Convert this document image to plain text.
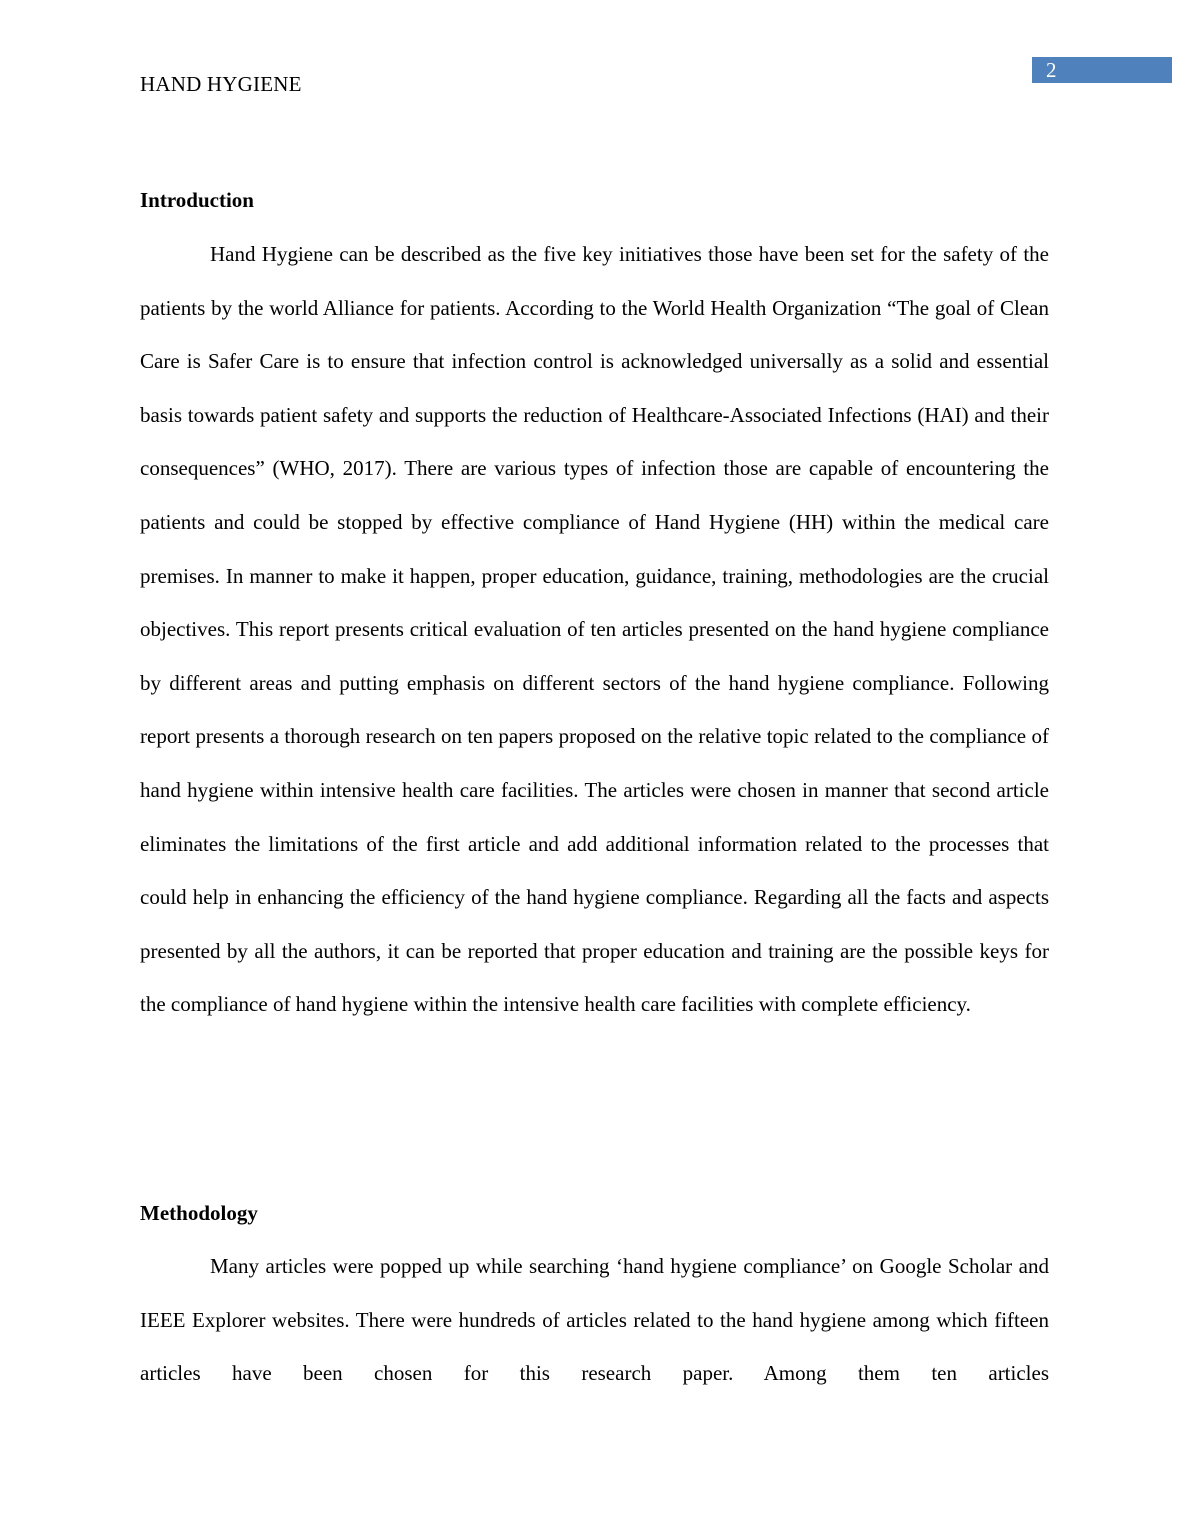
2
HAND HYGIENE
Introduction

Hand Hygiene can be described as the five key initiatives those have been set for the safety of the patients by the world Alliance for patients. According to the World Health Organization “The goal of Clean Care is Safer Care is to ensure that infection control is acknowledged universally as a solid and essential basis towards patient safety and supports the reduction of Healthcare-Associated Infections (HAI) and their consequences” (WHO, 2017). There are various types of infection those are capable of encountering the patients and could be stopped by effective compliance of Hand Hygiene (HH) within the medical care premises. In manner to make it happen, proper education, guidance, training, methodologies are the crucial objectives. This report presents critical evaluation of ten articles presented on the hand hygiene compliance by different areas and putting emphasis on different sectors of the hand hygiene compliance. Following report presents a thorough research on ten papers proposed on the relative topic related to the compliance of hand hygiene within intensive health care facilities. The articles were chosen in manner that second article eliminates the limitations of the first article and add additional information related to the processes that could help in enhancing the efficiency of the hand hygiene compliance. Regarding all the facts and aspects presented by all the authors, it can be reported that proper education and training are the possible keys for the compliance of hand hygiene within the intensive health care facilities with complete efficiency.

Methodology

Many articles were popped up while searching ‘hand hygiene compliance’ on Google Scholar and IEEE Explorer websites. There were hundreds of articles related to the hand hygiene among which fifteen articles have been chosen for this research paper. Among them ten articles
